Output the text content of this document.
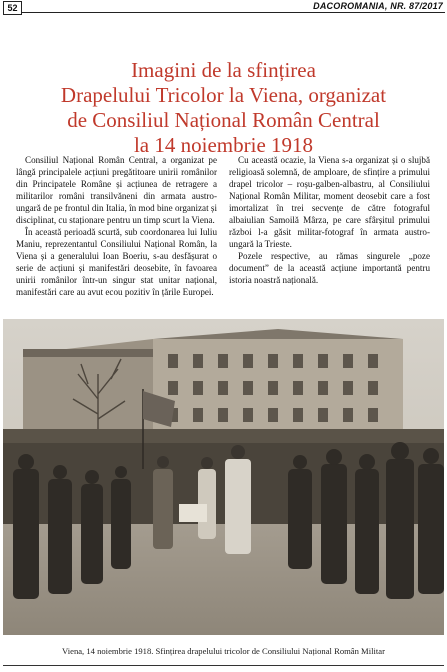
52	DACOROMANIA, NR. 87/2017
Imagini de la sfințirea
Drapelului Tricolor la Viena, organizat
de Consiliul Național Român Central
la 14 noiembrie 1918

Consiliul Național Român Central, a organizat pe lângă principalele acțiuni pregătitoare unirii românilor din Principatele Române și acțiunea de retragere a militarilor români transilvăneni din armata austro-ungară de pe frontul din Italia, în mod bine organizat și disciplinat, cu staționare pentru un timp scurt la Viena.

În această perioadă scurtă, sub coordonarea lui Iuliu Maniu, reprezentantul Consiliului Național Român, la Viena și a generalului Ioan Boeriu, s-au desfășurat o serie de acțiuni și manifestări deosebite, în favoarea unirii românilor într-un singur stat unitar național, manifestări care au avut ecou pozitiv în țările Europei.

Cu această ocazie, la Viena s-a organizat și o slujbă religioasă solemnă, de amploare, de sfințire a primului drapel tricolor – roșu-galben-albastru, al Consiliului Național Român Militar, moment deosebit care a fost imortalizat în trei secvențe de către fotograful albaiulian Samoilă Mârza, pe care sfârșitul primului război l-a găsit militar-fotograf în armata austro-ungară la Trieste.

Pozele respective, au rămas singurele „poze document” de la această acțiune importantă pentru istoria noastră națională.

Viena, 14 noiembrie 1918. Sfințirea drapelului tricolor de Consiliului Național Român Militar
